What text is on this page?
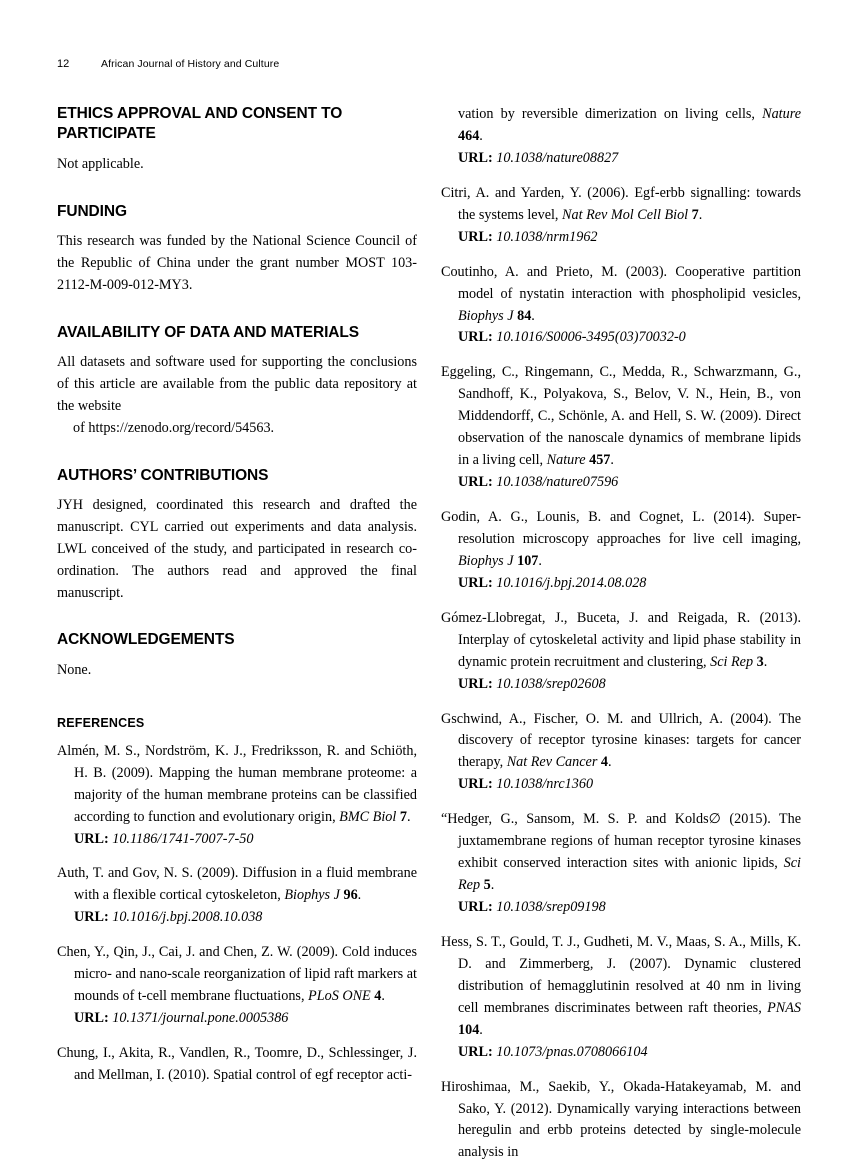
12	African Journal of History and Culture
ETHICS APPROVAL AND CONSENT TO PARTICIPATE

Not applicable.

FUNDING

This research was funded by the National Science Council of the Republic of China under the grant number MOST 103-2112-M-009-012-MY3.

AVAILABILITY OF DATA AND MATERIALS

All datasets and software used for supporting the conclusions of this article are available from the public data repository at the website

of https://zenodo.org/record/54563.

AUTHORS’ CONTRIBUTIONS

JYH designed, coordinated this research and drafted the manuscript. CYL carried out experiments and data analysis. LWL conceived of the study, and participated in research co-ordination. The authors read and approved the final manuscript.

ACKNOWLEDGEMENTS

None.

REFERENCES

Almén, M. S., Nordström, K. J., Fredriksson, R. and Schiöth, H. B. (2009). Mapping the human membrane proteome: a majority of the human membrane proteins can be classified according to function and evolutionary origin, BMC Biol 7.
URL: 10.1186/1741-7007-7-50

Auth, T. and Gov, N. S. (2009). Diffusion in a fluid membrane with a flexible cortical cytoskeleton, Biophys J 96.
URL: 10.1016/j.bpj.2008.10.038

Chen, Y., Qin, J., Cai, J. and Chen, Z. W. (2009). Cold induces micro- and nano-scale reorganization of lipid raft markers at mounds of t-cell membrane fluctuations, PLoS ONE 4.
URL: 10.1371/journal.pone.0005386

Chung, I., Akita, R., Vandlen, R., Toomre, D., Schlessinger, J. and Mellman, I. (2010). Spatial control of egf receptor acti-

vation by reversible dimerization on living cells, Nature 464.
URL: 10.1038/nature08827

Citri, A. and Yarden, Y. (2006). Egf-erbb signalling: towards the systems level, Nat Rev Mol Cell Biol 7.
URL: 10.1038/nrm1962

Coutinho, A. and Prieto, M. (2003). Cooperative partition model of nystatin interaction with phospholipid vesicles, Biophys J 84.
URL: 10.1016/S0006-3495(03)70032-0

Eggeling, C., Ringemann, C., Medda, R., Schwarzmann, G., Sandhoff, K., Polyakova, S., Belov, V. N., Hein, B., von Middendorff, C., Schönle, A. and Hell, S. W. (2009). Direct observation of the nanoscale dynamics of membrane lipids in a living cell, Nature 457.
URL: 10.1038/nature07596

Godin, A. G., Lounis, B. and Cognet, L. (2014). Super-resolution microscopy approaches for live cell imaging, Biophys J 107.
URL: 10.1016/j.bpj.2014.08.028

Gómez-Llobregat, J., Buceta, J. and Reigada, R. (2013). Interplay of cytoskeletal activity and lipid phase stability in dynamic protein recruitment and clustering, Sci Rep 3.
URL: 10.1038/srep02608

Gschwind, A., Fischer, O. M. and Ullrich, A. (2004). The discovery of receptor tyrosine kinases: targets for cancer therapy, Nat Rev Cancer 4.
URL: 10.1038/nrc1360

“Hedger, G., Sansom, M. S. P. and Kolds∅ (2015). The juxtamembrane regions of human receptor tyrosine kinases exhibit conserved interaction sites with anionic lipids, Sci Rep 5.
URL: 10.1038/srep09198

Hess, S. T., Gould, T. J., Gudheti, M. V., Maas, S. A., Mills, K. D. and Zimmerberg, J. (2007). Dynamic clustered distribution of hemagglutinin resolved at 40 nm in living cell membranes discriminates between raft theories, PNAS 104.
URL: 10.1073/pnas.0708066104

Hiroshimaa, M., Saekib, Y., Okada-Hatakeyamab, M. and Sako, Y. (2012). Dynamically varying interactions between heregulin and erbb proteins detected by single-molecule analysis in
